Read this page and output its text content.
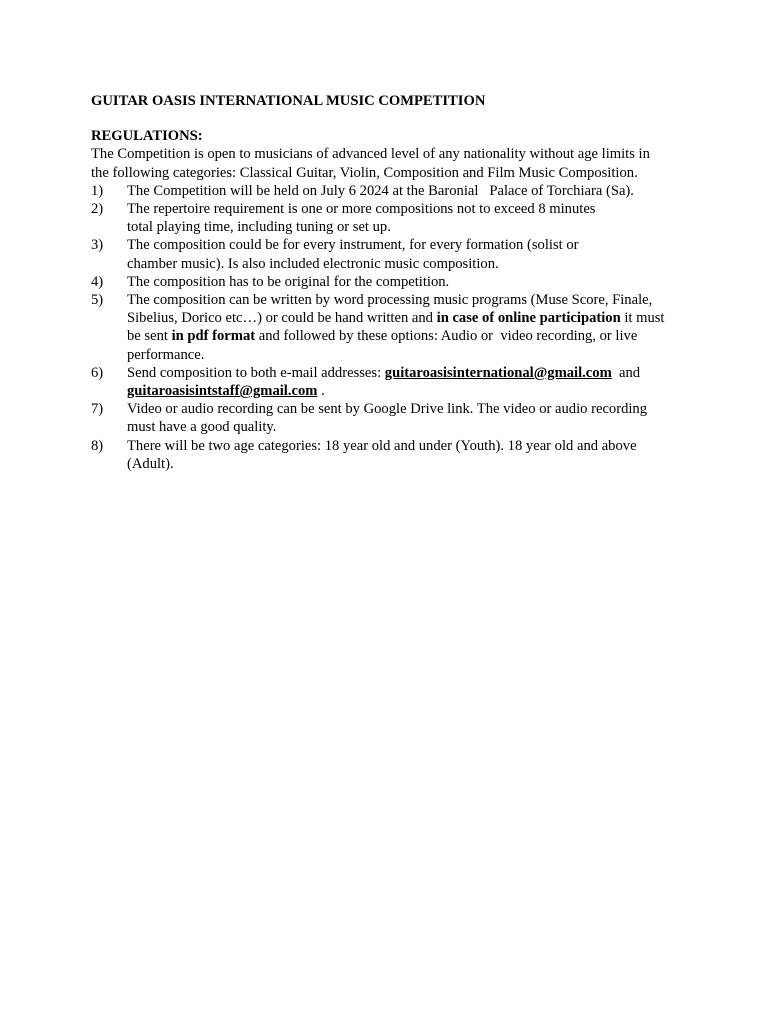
GUITAR OASIS INTERNATIONAL MUSIC COMPETITION

REGULATIONS:

The Competition is open to musicians of advanced level of any nationality without age limits in the following categories: Classical Guitar, Violin, Composition and Film Music Composition.

1) The Competition will be held on July 6 2024 at the Baronial   Palace of Torchiara (Sa).
2) The repertoire requirement is one or more compositions not to exceed 8 minutes total playing time, including tuning or set up.
3) The composition could be for every instrument, for every formation (solist or chamber music). Is also included electronic music composition.
4) The composition has to be original for the competition.
5) The composition can be written by word processing music programs (Muse Score, Finale, Sibelius, Dorico etc…) or could be hand written and in case of online participation it must be sent in pdf format and followed by these options: Audio or  video recording, or live performance.
6) Send composition to both e-mail addresses: guitaroasisinternational@gmail.com  and
guitaroasisintstaff@gmail.com .
7) Video or audio recording can be sent by Google Drive link. The video or audio recording must have a good quality.
8) There will be two age categories: 18 year old and under (Youth). 18 year old and above (Adult).
